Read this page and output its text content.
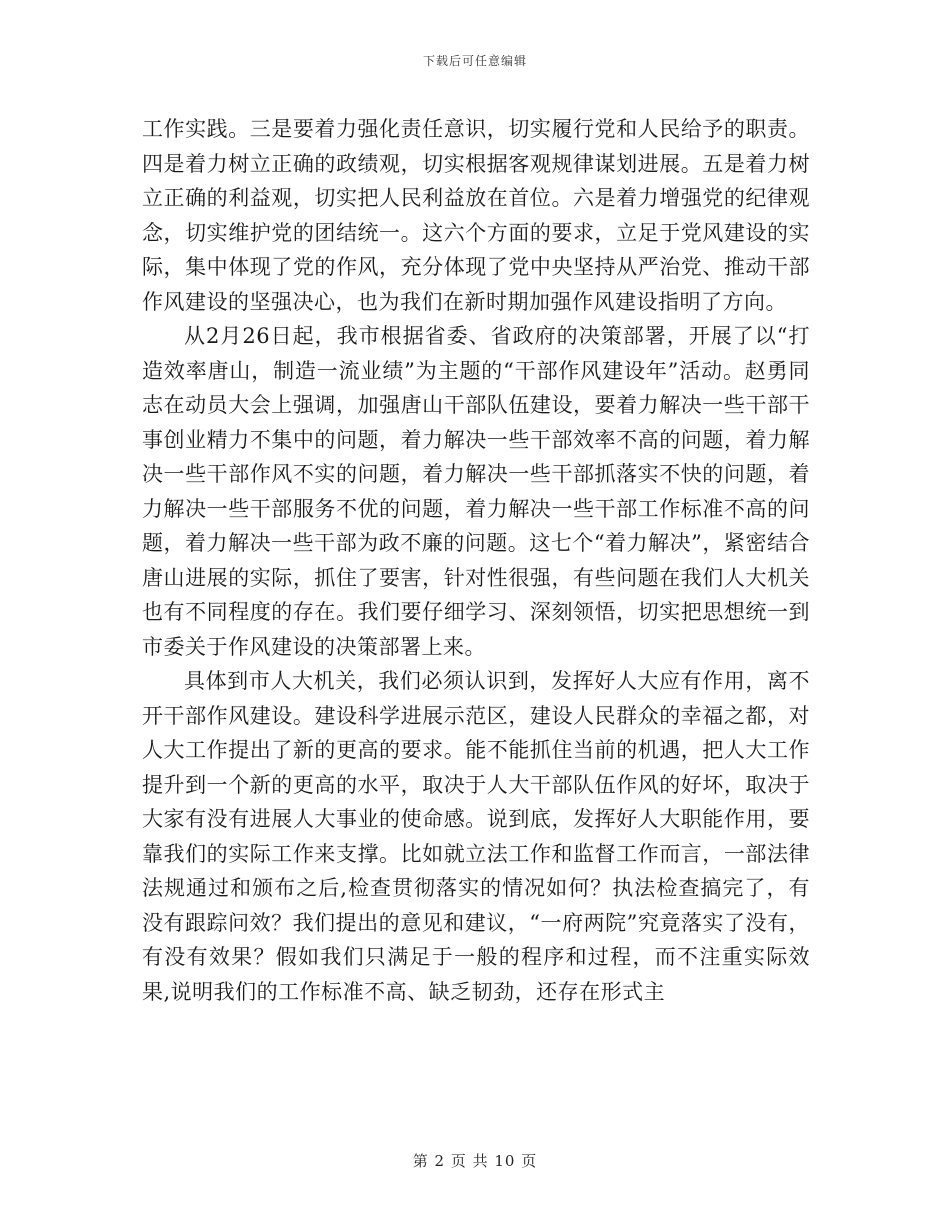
下载后可任意编辑

工作实践。三是要着力强化责任意识，切实履行党和人民给予的职责。四是着力树立正确的政绩观，切实根据客观规律谋划进展。五是着力树立正确的利益观，切实把人民利益放在首位。六是着力增强党的纪律观念，切实维护党的团结统一。这六个方面的要求，立足于党风建设的实际，集中体现了党的作风，充分体现了党中央坚持从严治党、推动干部作风建设的坚强决心，也为我们在新时期加强作风建设指明了方向。

从2月26日起，我市根据省委、省政府的决策部署，开展了以“打造效率唐山，制造一流业绩”为主题的“干部作风建设年”活动。赵勇同志在动员大会上强调，加强唐山干部队伍建设，要着力解决一些干部干事创业精力不集中的问题，着力解决一些干部效率不高的问题，着力解决一些干部作风不实的问题，着力解决一些干部抓落实不快的问题，着力解决一些干部服务不优的问题，着力解决一些干部工作标准不高的问题，着力解决一些干部为政不廉的问题。这七个“着力解决”，紧密结合唐山进展的实际，抓住了要害，针对性很强，有些问题在我们人大机关也有不同程度的存在。我们要仔细学习、深刻领悟，切实把思想统一到市委关于作风建设的决策部署上来。

具体到市人大机关，我们必须认识到，发挥好人大应有作用，离不开干部作风建设。建设科学进展示范区，建设人民群众的幸福之都，对人大工作提出了新的更高的要求。能不能抓住当前的机遇，把人大工作提升到一个新的更高的水平，取决于人大干部队伍作风的好坏，取决于大家有没有进展人大事业的使命感。说到底，发挥好人大职能作用，要靠我们的实际工作来支撑。比如就立法工作和监督工作而言，一部法律法规通过和颁布之后,检查贯彻落实的情况如何？执法检查搞完了，有没有跟踪问效？我们提出的意见和建议，“一府两院”究竟落实了没有，有没有效果？假如我们只满足于一般的程序和过程，而不注重实际效果,说明我们的工作标准不高、缺乏韧劲，还存在形式主

第 2 页 共 10 页
